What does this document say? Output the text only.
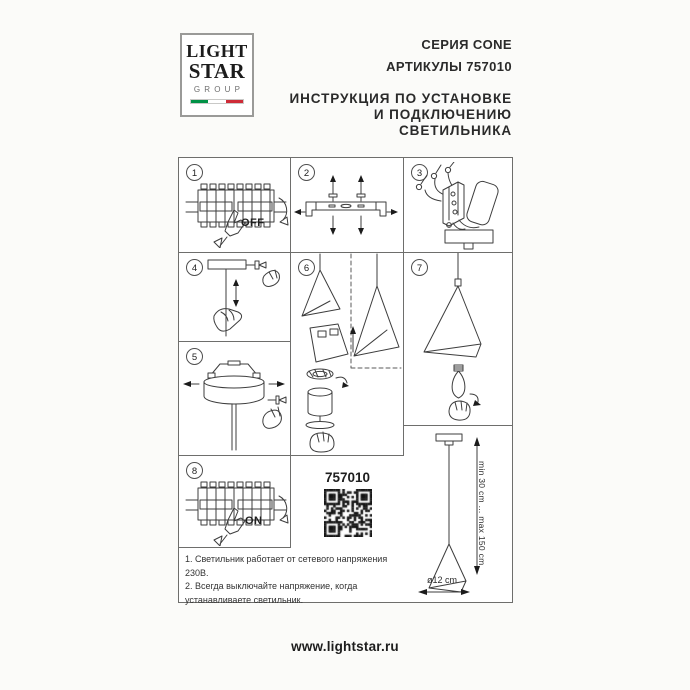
LIGHT
STAR
GROUP
СЕРИЯ CONE
АРТИКУЛЫ 757010
ИНСТРУКЦИЯ ПО УСТАНОВКЕ
И ПОДКЛЮЧЕНИЮ СВЕТИЛЬНИКА
1	2	3
4
5
6	7
8
OFF
ON
757010	min 30 cm ... max 150 cm
ø12 cm
1. Светильник работает от сетевого напряжения 230В.
2. Всегда выключайте напряжение, когда устанавливаете светильник.
www.lightstar.ru
